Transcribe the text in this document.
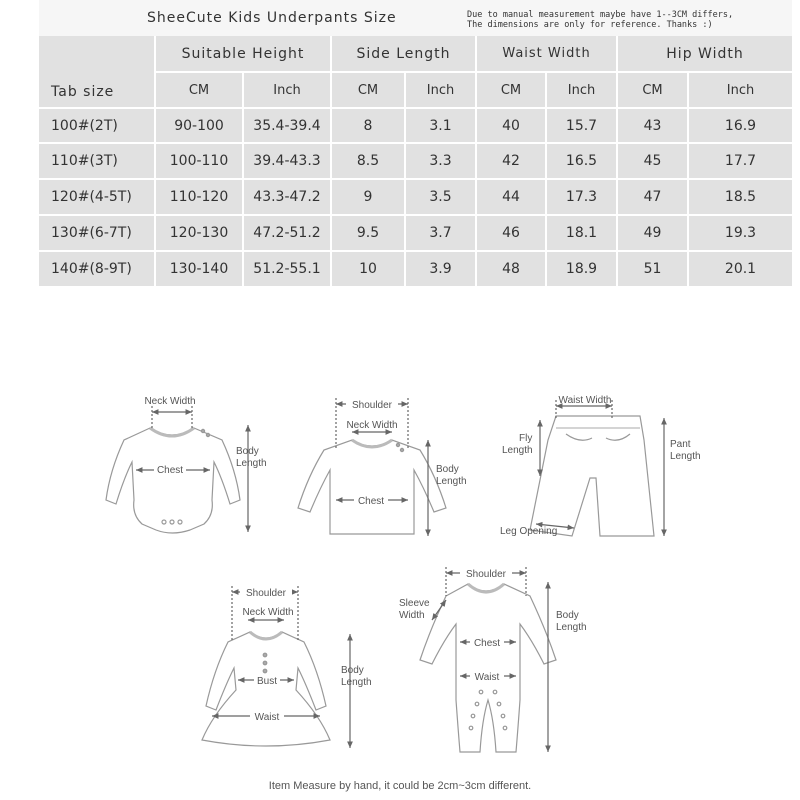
SheeCute Kids Underpants Size	Due to manual measurement maybe have 1--3CM differs,
The dimensions are only for reference. Thanks :)
Tab size
Suitable Height	Side Length	Waist Width	Hip Width
CM	Inch	CM	Inch	CM	Inch	CM	Inch
100#(2T)	90-100	35.4-39.4	8	3.1	40	15.7	43	16.9
110#(3T)	100-110	39.4-43.3	8.5	3.3	42	16.5	45	17.7
120#(4-5T)	110-120	43.3-47.2	9	3.5	44	17.3	47	18.5
130#(6-7T)	120-130	47.2-51.2	9.5	3.7	46	18.1	49	19.3
140#(8-9T)	130-140	51.2-55.1	10	3.9	48	18.9	51	20.1
Neck Width
Chest
Body
Length
Shoulder
Neck Width
Chest
Body
Length
Waist Width
Fly
Length
Pant
Length
Leg Opening
Shoulder
Neck Width
Bust
Waist
Body
Length
Shoulder
Sleeve
Width
Chest
Waist
Body
Length
Item Measure by hand, it could be 2cm~3cm different.
